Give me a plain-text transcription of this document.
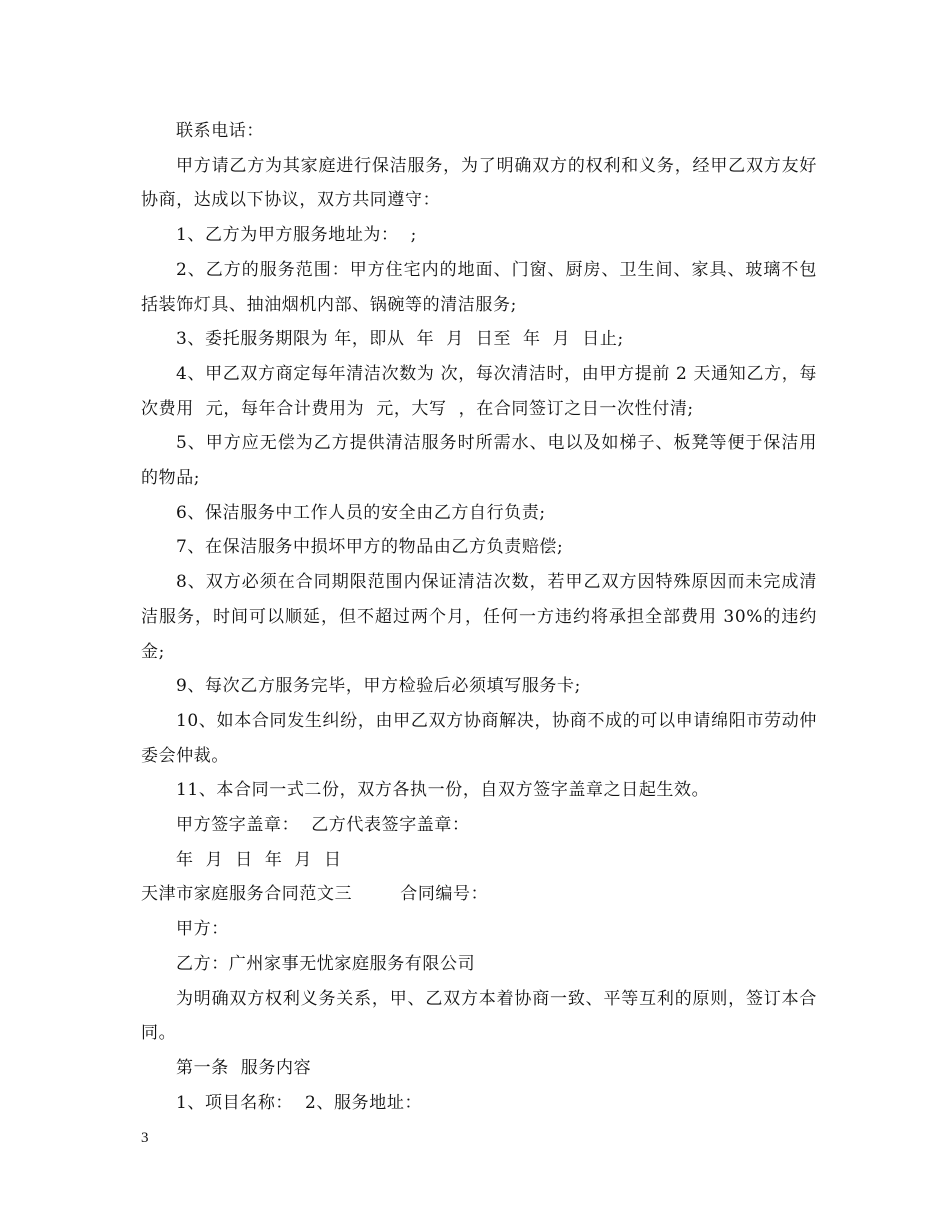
联系电话：

甲方请乙方为其家庭进行保洁服务，为了明确双方的权利和义务，经甲乙双方友好协商，达成以下协议，双方共同遵守：

1、乙方为甲方服务地址为：  ;

2、乙方的服务范围：甲方住宅内的地面、门窗、厨房、卫生间、家具、玻璃不包括装饰灯具、抽油烟机内部、锅碗等的清洁服务;

3、委托服务期限为 年，即从  年  月  日至  年  月  日止;

4、甲乙双方商定每年清洁次数为 次，每次清洁时，由甲方提前 2 天通知乙方，每次费用  元，每年合计费用为  元，大写  ，在合同签订之日一次性付清;

5、甲方应无偿为乙方提供清洁服务时所需水、电以及如梯子、板凳等便于保洁用的物品;

6、保洁服务中工作人员的安全由乙方自行负责;

7、在保洁服务中损坏甲方的物品由乙方负责赔偿;

8、双方必须在合同期限范围内保证清洁次数，若甲乙双方因特殊原因而未完成清洁服务，时间可以顺延，但不超过两个月，任何一方违约将承担全部费用 30%的违约金;

9、每次乙方服务完毕，甲方检验后必须填写服务卡;

10、如本合同发生纠纷，由甲乙双方协商解决，协商不成的可以申请绵阳市劳动仲委会仲裁。

11、本合同一式二份，双方各执一份，自双方签字盖章之日起生效。

甲方签字盖章：  乙方代表签字盖章：

年  月  日  年  月  日

天津市家庭服务合同范文三        合同编号：

甲方：

乙方：广州家事无忧家庭服务有限公司

为明确双方权利义务关系，甲、乙双方本着协商一致、平等互利的原则，签订本合同。

第一条  服务内容

1、项目名称：  2、服务地址：

3
